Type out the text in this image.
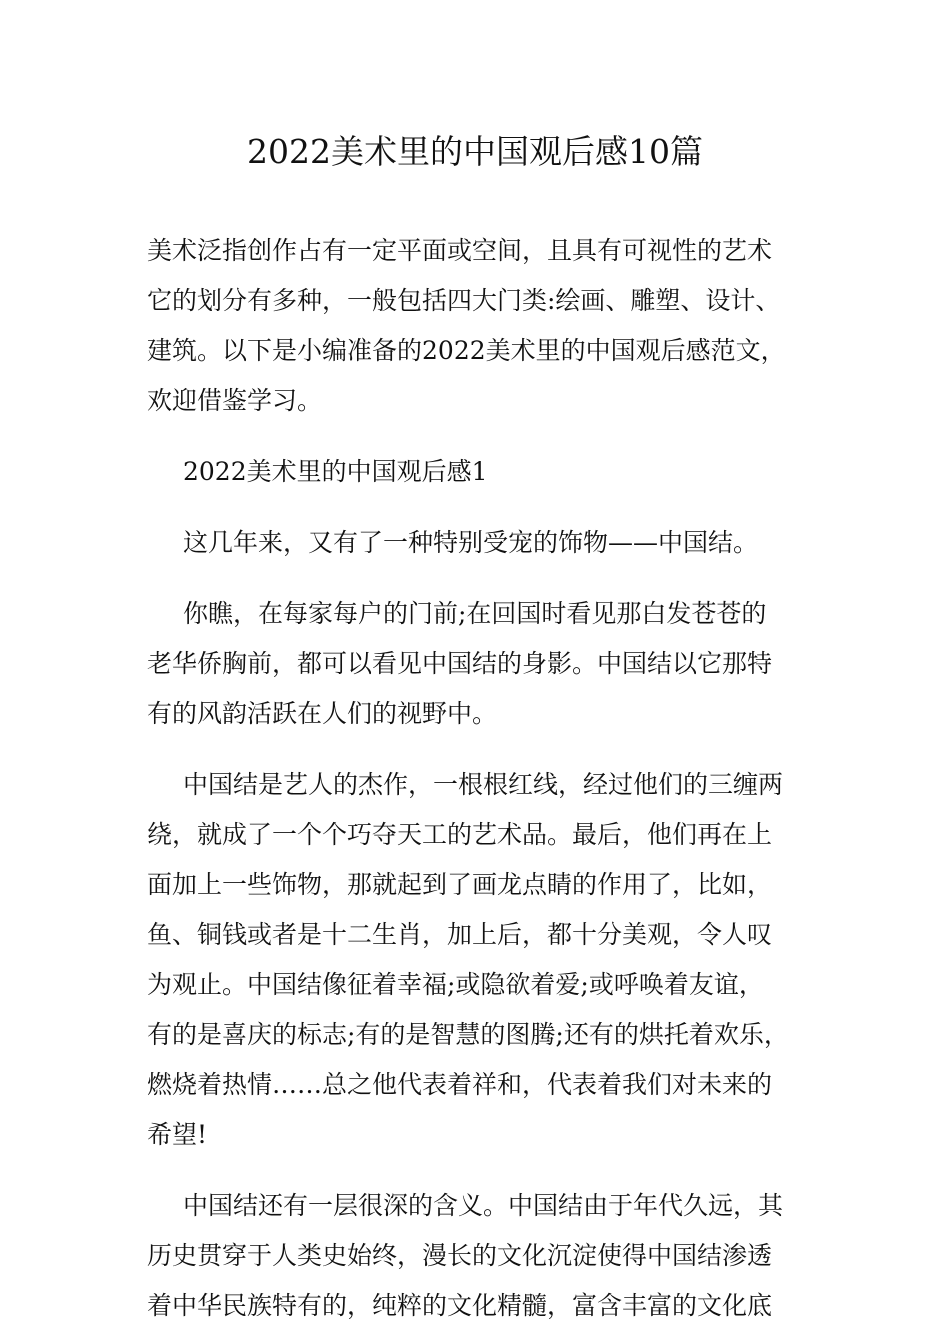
2022美术里的中国观后感10篇
美术泛指创作占有一定平面或空间，且具有可视性的艺术
它的划分有多种，一般包括四大门类:绘画、雕塑、设计、
建筑。以下是小编准备的2022美术里的中国观后感范文，
欢迎借鉴学习。
2022美术里的中国观后感1
这几年来，又有了一种特别受宠的饰物——中国结。
你瞧，在每家每户的门前;在回国时看见那白发苍苍的
老华侨胸前，都可以看见中国结的身影。中国结以它那特
有的风韵活跃在人们的视野中。
中国结是艺人的杰作，一根根红线，经过他们的三缠两
绕，就成了一个个巧夺天工的艺术品。最后，他们再在上
面加上一些饰物，那就起到了画龙点睛的作用了，比如，
鱼、铜钱或者是十二生肖，加上后，都十分美观，令人叹
为观止。中国结像征着幸福;或隐欲着爱;或呼唤着友谊，
有的是喜庆的标志;有的是智慧的图腾;还有的烘托着欢乐，
燃烧着热情……总之他代表着祥和，代表着我们对未来的
希望!
中国结还有一层很深的含义。中国结由于年代久远，其
历史贯穿于人类史始终，漫长的文化沉淀使得中国结渗透
着中华民族特有的，纯粹的文化精髓，富含丰富的文化底
